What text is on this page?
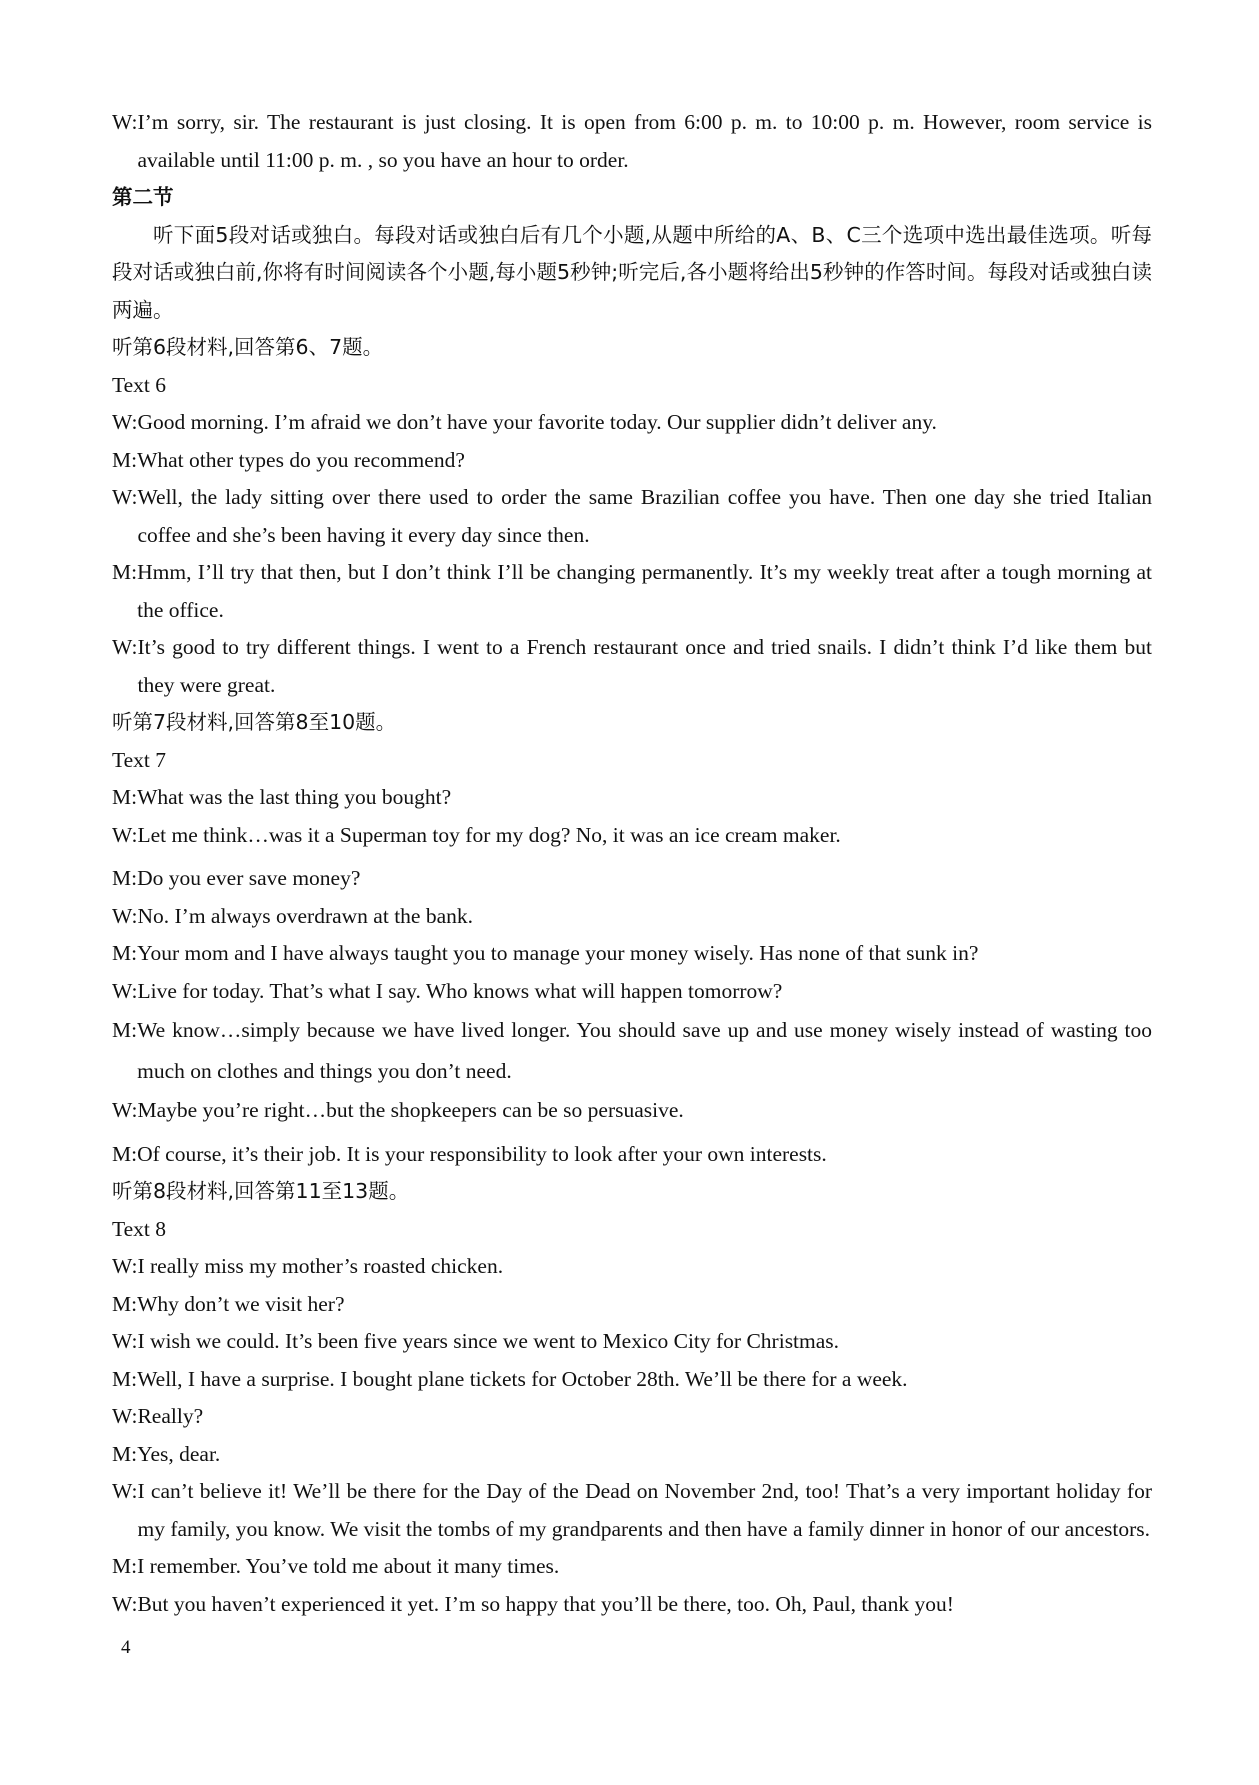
W: I’m sorry, sir. The restaurant is just closing. It is open from 6:00 p. m. to 10:00 p. m. However, room service is available until 11:00 p. m. , so you have an hour to order.
第二节
听下面5段对话或独白。每段对话或独白后有几个小题,从题中所给的A、B、C三个选项中选出最佳选项。听每段对话或独白前,你将有时间阅读各个小题,每小题5秒钟;听完后,各小题将给出5秒钟的作答时间。每段对话或独白读两遍。
听第6段材料,回答第6、7题。
Text 6
W: Good morning. I’m afraid we don’t have your favorite today. Our supplier didn’t deliver any.
M: What other types do you recommend?
W: Well, the lady sitting over there used to order the same Brazilian coffee you have. Then one day she tried Italian coffee and she’s been having it every day since then.
M: Hmm, I’ll try that then, but I don’t think I’ll be changing permanently. It’s my weekly treat after a tough morning at the office.
W: It’s good to try different things. I went to a French restaurant once and tried snails. I didn’t think I’d like them but they were great.
听第7段材料,回答第8至10题。
Text 7
M: What was the last thing you bought?
W: Let me think…was it a Superman toy for my dog? No, it was an ice cream maker.
M: Do you ever save money?
W: No. I’m always overdrawn at the bank.
M: Your mom and I have always taught you to manage your money wisely. Has none of that sunk in?
W: Live for today. That’s what I say. Who knows what will happen tomorrow?
M: We know…simply because we have lived longer. You should save up and use money wisely instead of wasting too much on clothes and things you don’t need.
W: Maybe you’re right…but the shopkeepers can be so persuasive.
M: Of course, it’s their job. It is your responsibility to look after your own interests.
听第8段材料,回答第11至13题。
Text 8
W: I really miss my mother’s roasted chicken.
M: Why don’t we visit her?
W: I wish we could. It’s been five years since we went to Mexico City for Christmas.
M: Well, I have a surprise. I bought plane tickets for October 28th. We’ll be there for a week.
W: Really?
M: Yes, dear.
W: I can’t believe it! We’ll be there for the Day of the Dead on November 2nd, too! That’s a very important holiday for my family, you know. We visit the tombs of my grandparents and then have a family dinner in honor of our ancestors.
M: I remember. You’ve told me about it many times.
W: But you haven’t experienced it yet. I’m so happy that you’ll be there, too. Oh, Paul, thank you!
4
